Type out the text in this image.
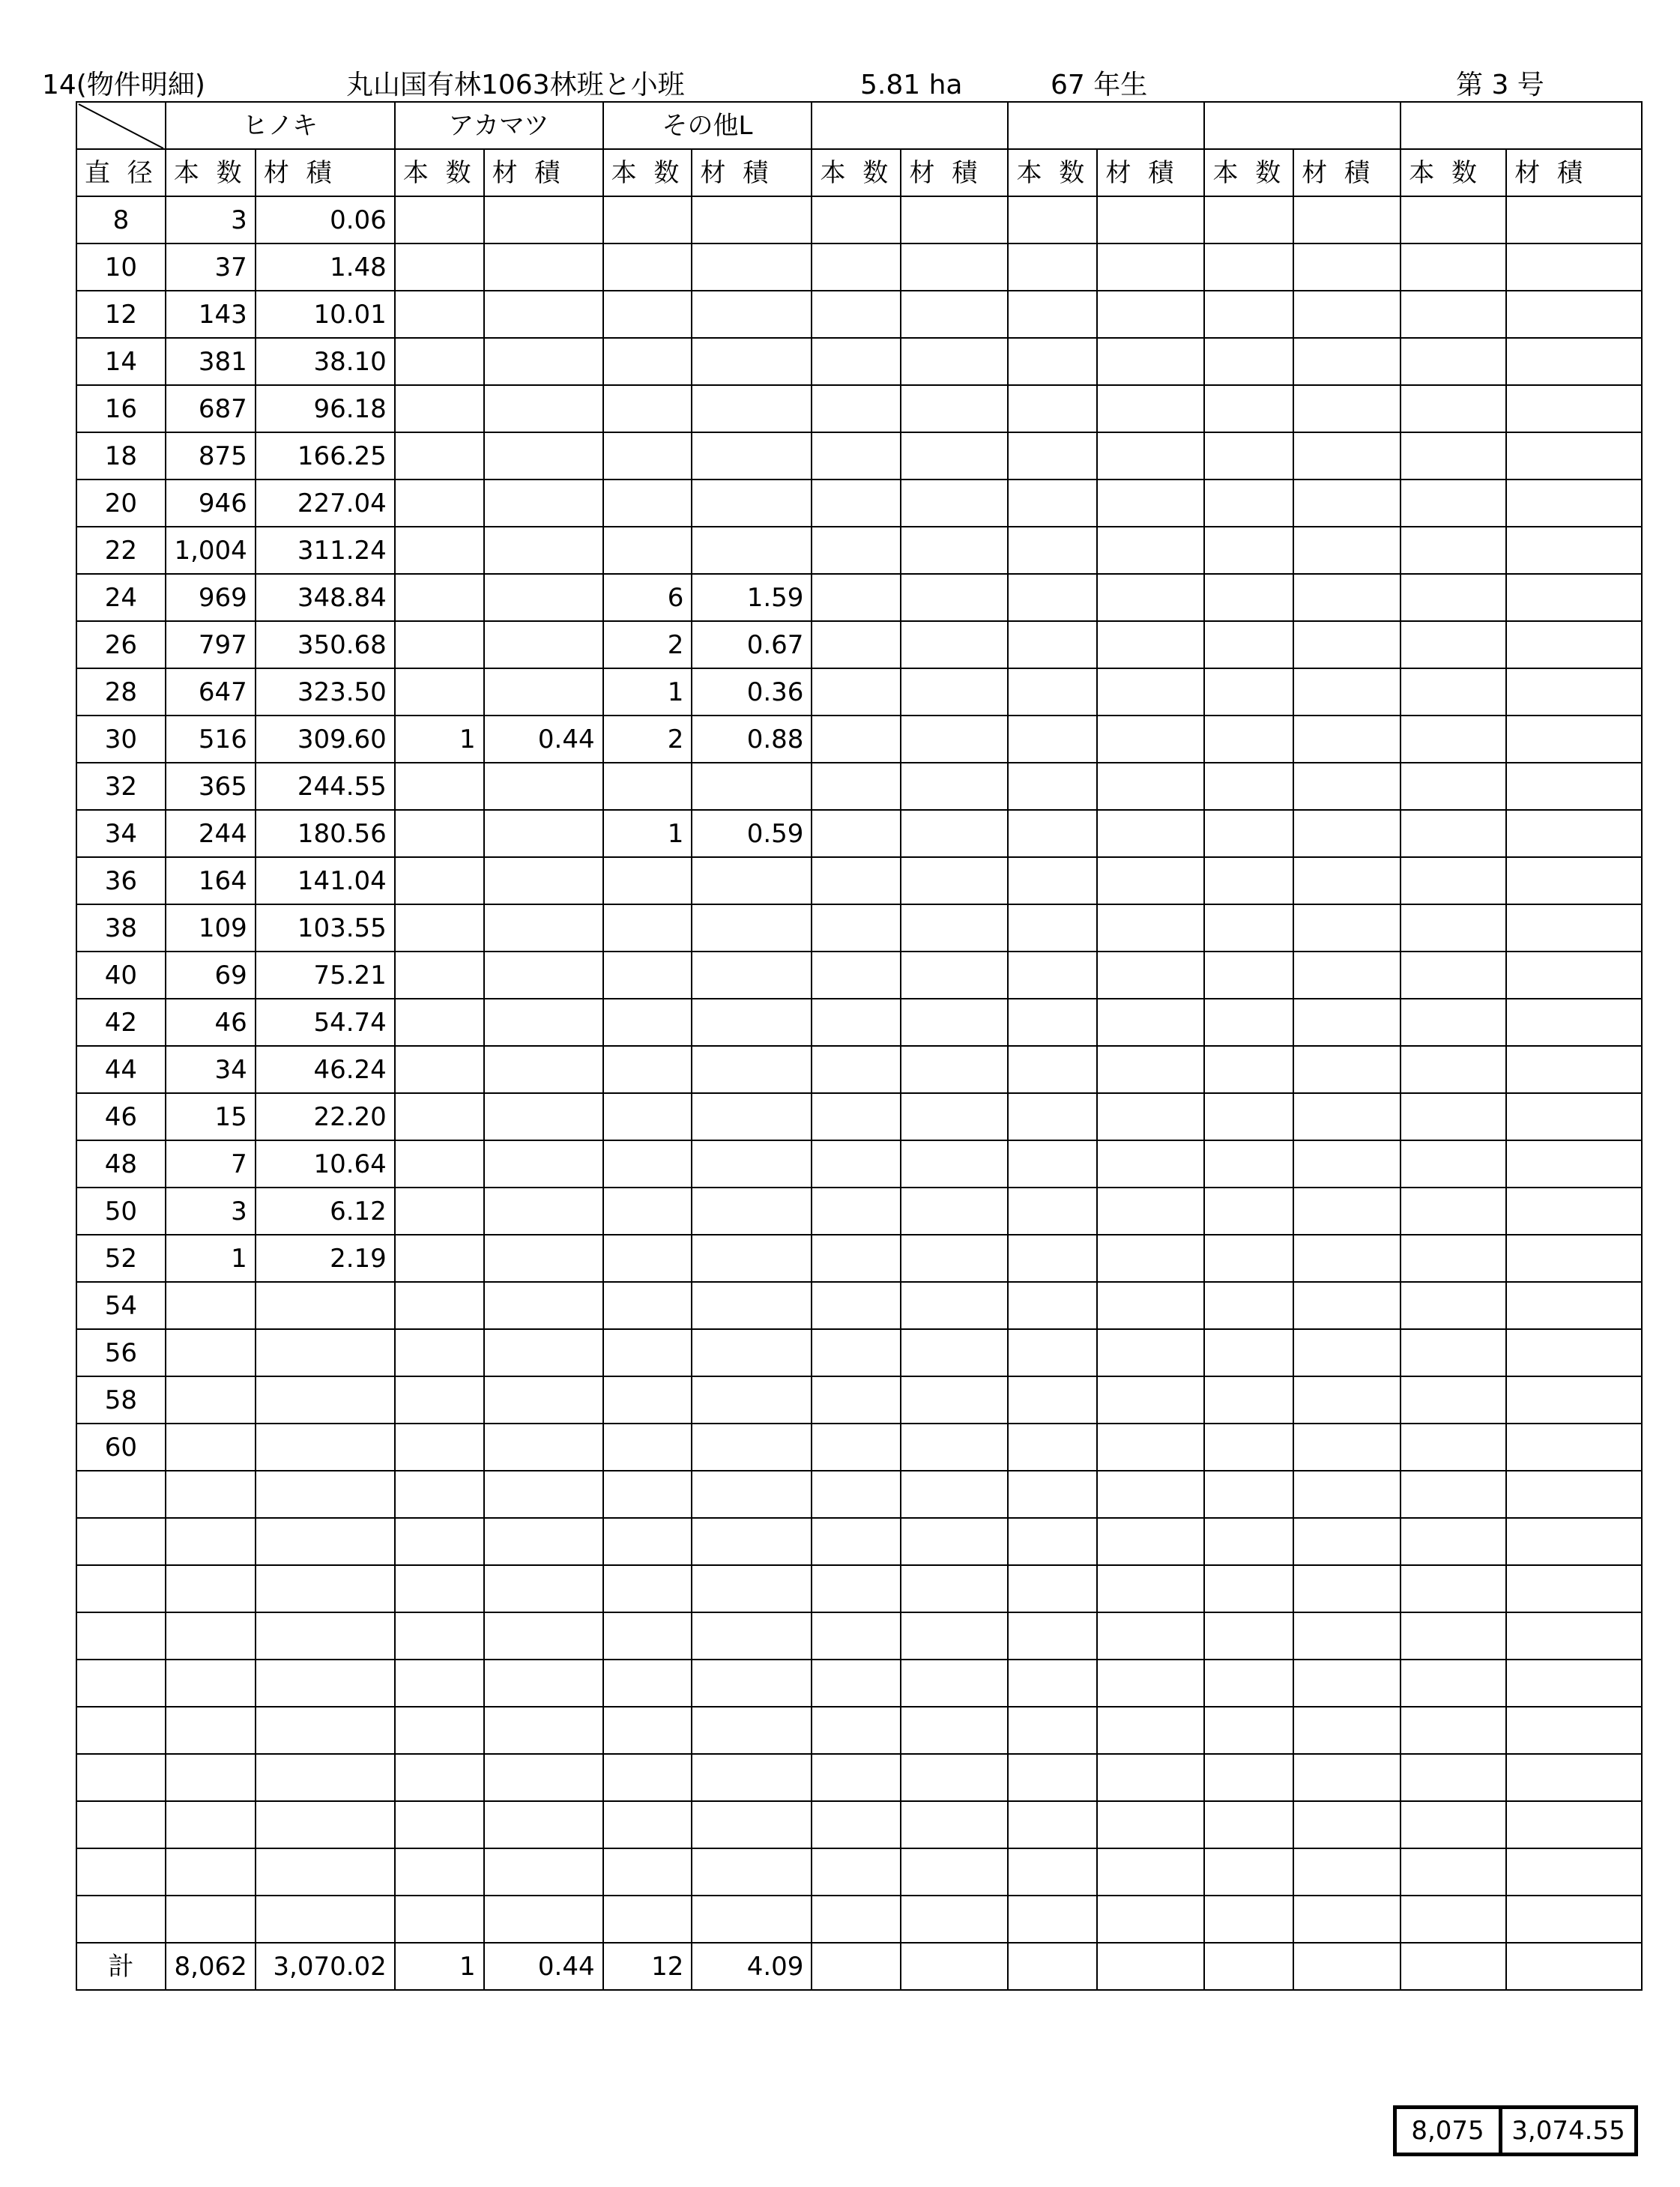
14(物件明細)	丸山国有林1063林班と小班	5.81 ha	67 年生	第 3 号
	ヒノキ		アカマツ		その他L									
直 径	本 数	材 積	本 数	材 積	本 数	材 積	本 数	材 積	本 数	材 積	本 数	材 積	本 数	材 積
8	3	0.06												
10	37	1.48												
12	143	10.01												
14	381	38.10												
16	687	96.18												
18	875	166.25												
20	946	227.04												
22	1,004	311.24												
24	969	348.84			6	1.59								
26	797	350.68			2	0.67								
28	647	323.50			1	0.36								
30	516	309.60	1	0.44	2	0.88								
32	365	244.55												
34	244	180.56			1	0.59								
36	164	141.04												
38	109	103.55												
40	69	75.21												
42	46	54.74												
44	34	46.24												
46	15	22.20												
48	7	10.64												
50	3	6.12												
52	1	2.19												
54														
56														
58														
60														

計	8,062	3,070.02	1	0.44	12	4.09								
8,075	3,074.55
